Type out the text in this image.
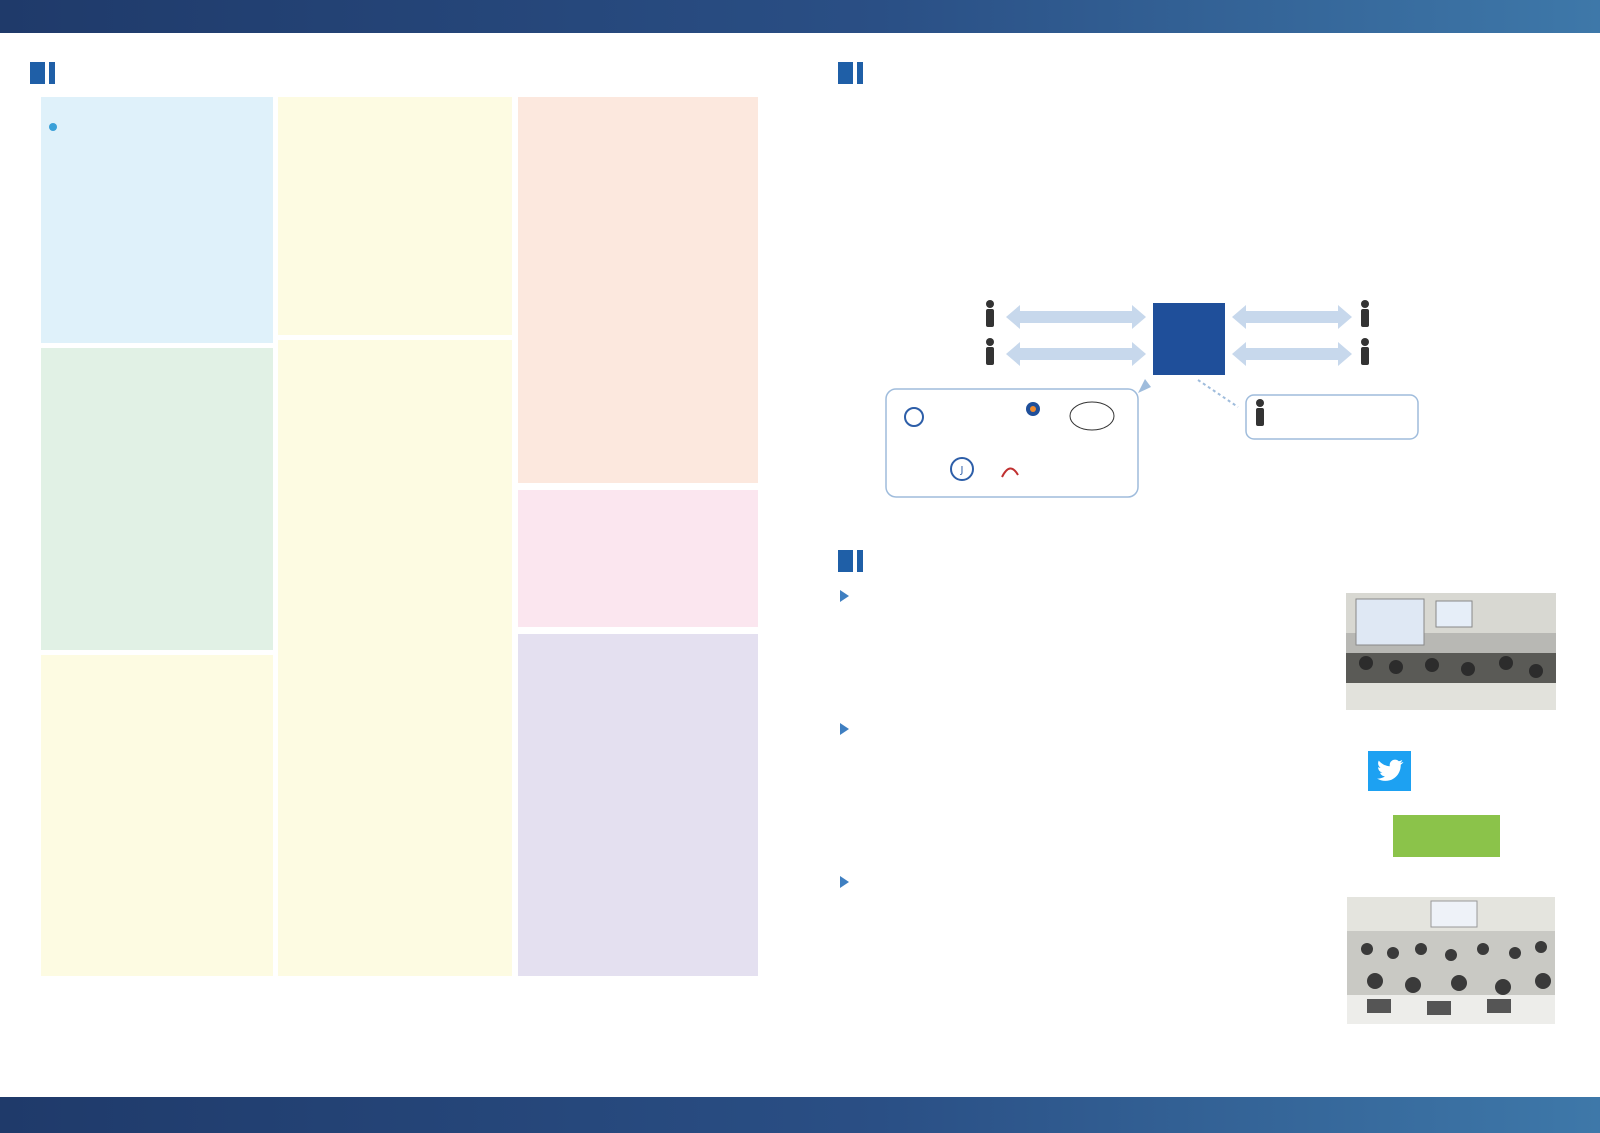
J
